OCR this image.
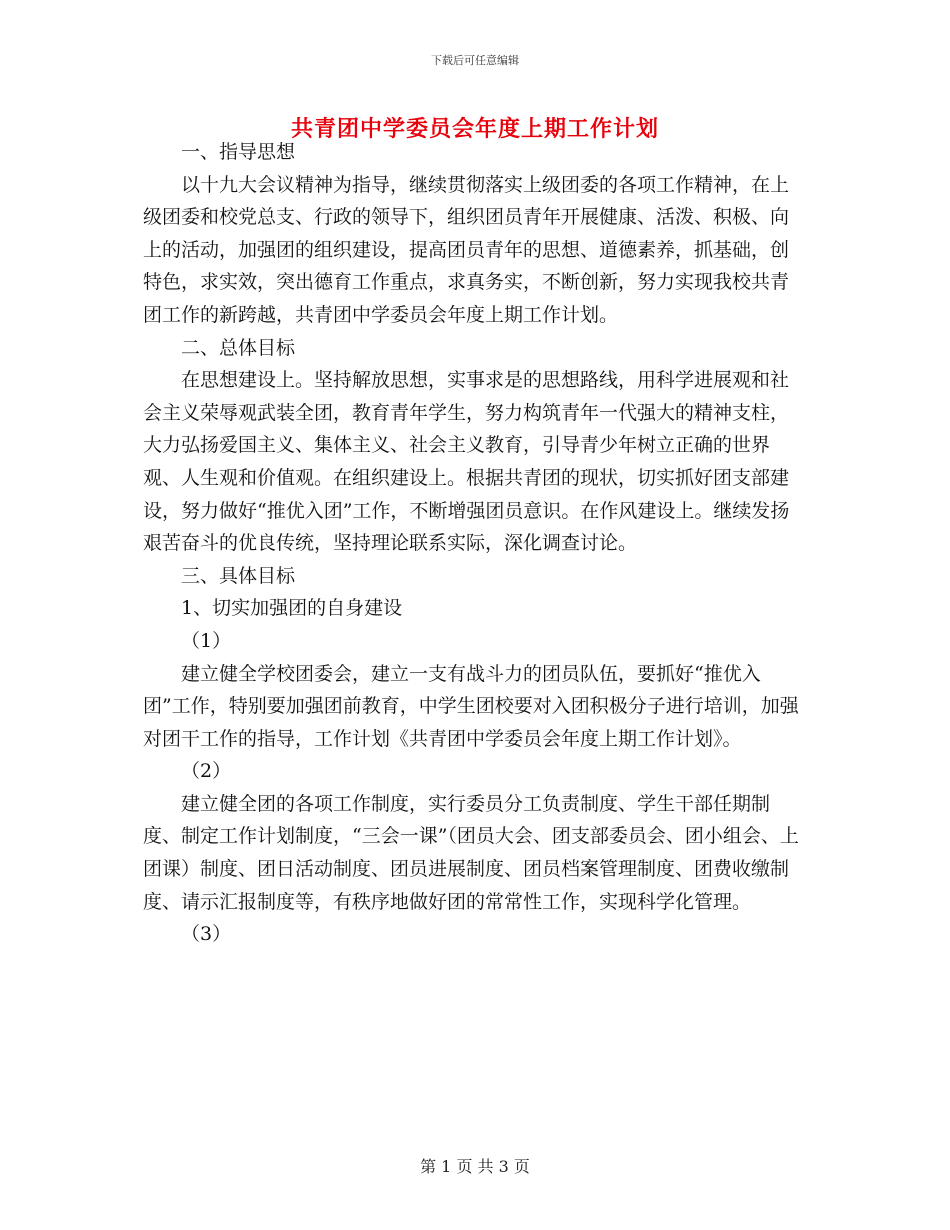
下载后可任意编辑
共青团中学委员会年度上期工作计划

一、指导思想

以十九大会议精神为指导，继续贯彻落实上级团委的各项工作精神，在上级团委和校党总支、行政的领导下，组织团员青年开展健康、活泼、积极、向上的活动，加强团的组织建设，提高团员青年的思想、道德素养，抓基础，创特色，求实效，突出德育工作重点，求真务实，不断创新，努力实现我校共青团工作的新跨越，共青团中学委员会年度上期工作计划。

二、总体目标

在思想建设上。坚持解放思想，实事求是的思想路线，用科学进展观和社会主义荣辱观武装全团，教育青年学生，努力构筑青年一代强大的精神支柱，大力弘扬爱国主义、集体主义、社会主义教育，引导青少年树立正确的世界观、人生观和价值观。在组织建设上。根据共青团的现状，切实抓好团支部建设，努力做好“推优入团”工作，不断增强团员意识。在作风建设上。继续发扬艰苦奋斗的优良传统，坚持理论联系实际，深化调查讨论。

三、具体目标

1、切实加强团的自身建设

（1）

建立健全学校团委会，建立一支有战斗力的团员队伍，要抓好“推优入团”工作，特别要加强团前教育，中学生团校要对入团积极分子进行培训，加强对团干工作的指导，工作计划《共青团中学委员会年度上期工作计划》。

（2）

建立健全团的各项工作制度，实行委员分工负责制度、学生干部任期制度、制定工作计划制度，“三会一课”（团员大会、团支部委员会、团小组会、上团课）制度、团日活动制度、团员进展制度、团员档案管理制度、团费收缴制度、请示汇报制度等，有秩序地做好团的常常性工作，实现科学化管理。

（3）

第 1 页 共 3 页
